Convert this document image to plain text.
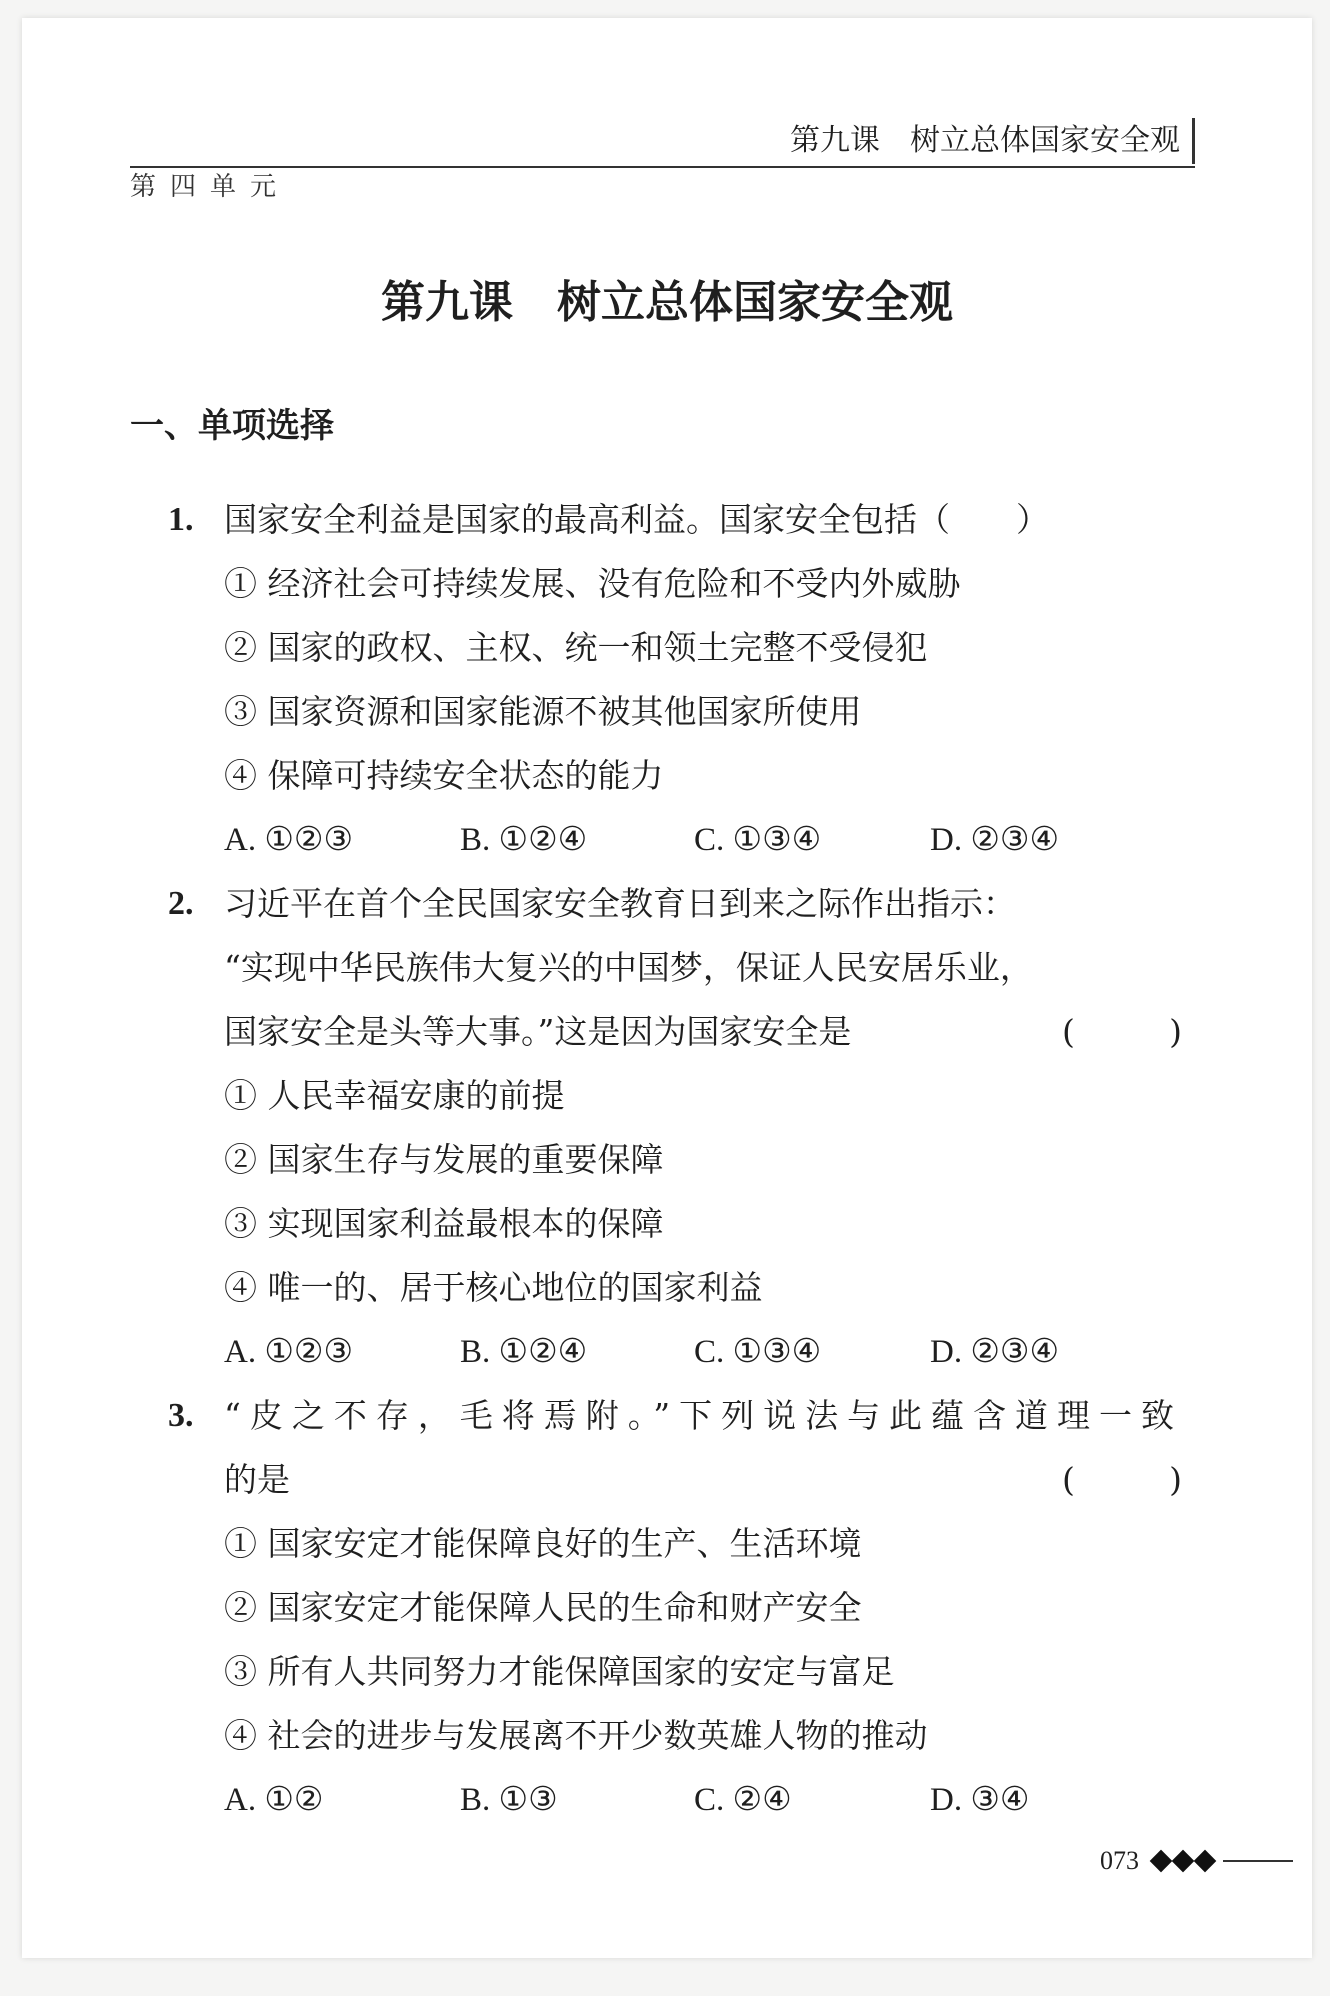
第九课　树立总体国家安全观
第四单元
第九课　树立总体国家安全观
一、单项选择
1. 国家安全利益是国家的最高利益。国家安全包括（　　）
① 经济社会可持续发展、没有危险和不受内外威胁
② 国家的政权、主权、统一和领土完整不受侵犯
③ 国家资源和国家能源不被其他国家所使用
④ 保障可持续安全状态的能力
A. ①②③	B. ①②④	C. ①③④	D. ②③④
2. 习近平在首个全民国家安全教育日到来之际作出指示：
“实现中华民族伟大复兴的中国梦，保证人民安居乐业，
国家安全是头等大事。”这是因为国家安全是	(	)
① 人民幸福安康的前提
② 国家生存与发展的重要保障
③ 实现国家利益最根本的保障
④ 唯一的、居于核心地位的国家利益
A. ①②③	B. ①②④	C. ①③④	D. ②③④
3. “皮之不存，毛将焉附。”下列说法与此蕴含道理一致
的是	(	)
① 国家安定才能保障良好的生产、生活环境
② 国家安定才能保障人民的生命和财产安全
③ 所有人共同努力才能保障国家的安定与富足
④ 社会的进步与发展离不开少数英雄人物的推动
A. ①②	B. ①③	C. ②④	D. ③④
073
